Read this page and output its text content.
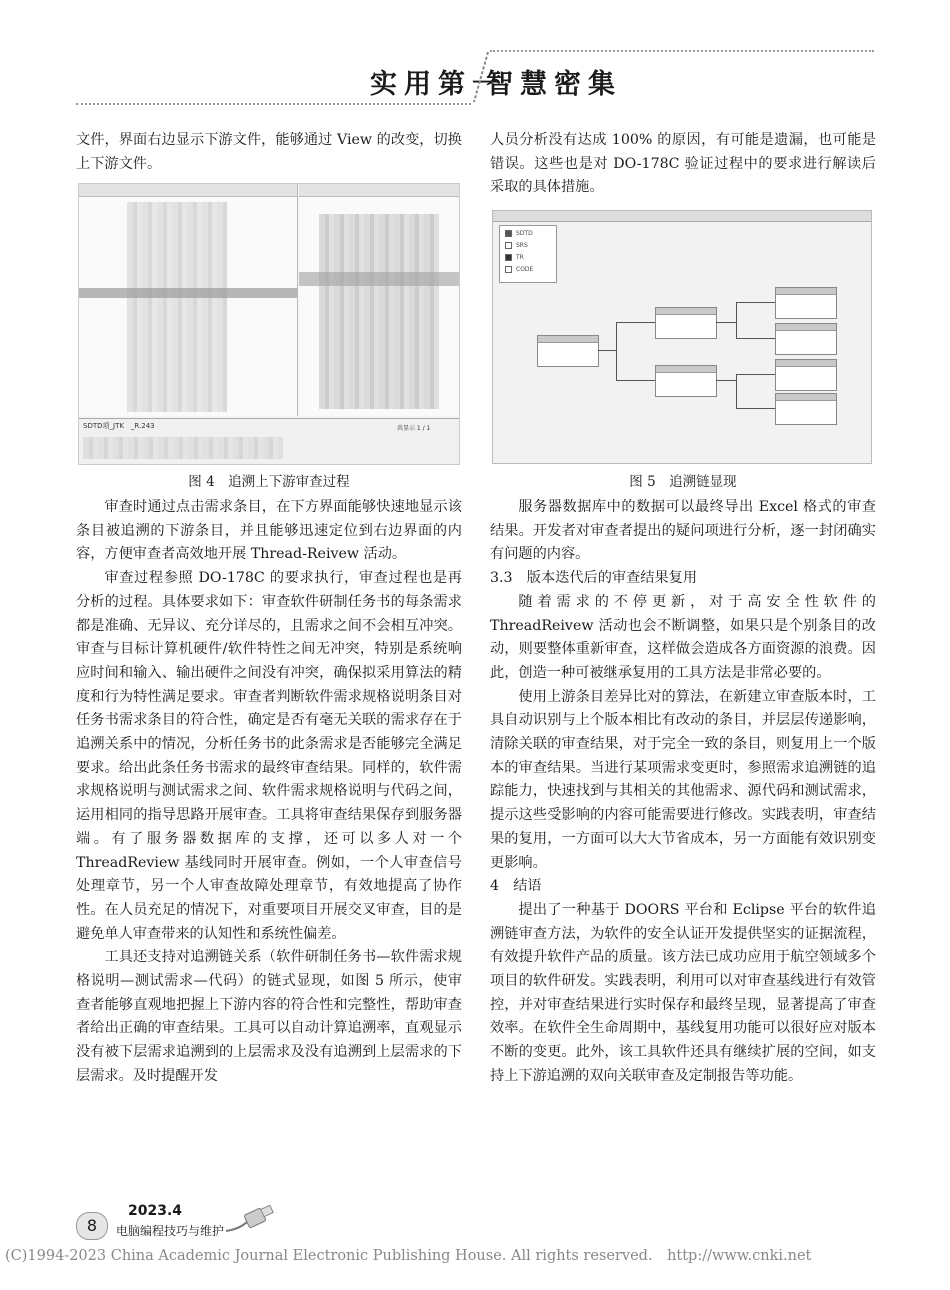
实用第一
智慧密集

文件，界面右边显示下游文件，能够通过 View 的改变，切换上下游文件。

SDTD项_JTK　_R.243	共显示 1 / 1
图 4　追溯上下游审查过程

审查时通过点击需求条目，在下方界面能够快速地显示该条目被追溯的下游条目，并且能够迅速定位到右边界面的内容，方便审查者高效地开展 Thread-Reivew 活动。

审查过程参照 DO-178C 的要求执行，审查过程也是再分析的过程。具体要求如下：审查软件研制任务书的每条需求都是准确、无异议、充分详尽的，且需求之间不会相互冲突。审查与目标计算机硬件/软件特性之间无冲突，特别是系统响应时间和输入、输出硬件之间没有冲突，确保拟采用算法的精度和行为特性满足要求。审查者判断软件需求规格说明条目对任务书需求条目的符合性，确定是否有毫无关联的需求存在于追溯关系中的情况，分析任务书的此条需求是否能够完全满足要求。给出此条任务书需求的最终审查结果。同样的，软件需求规格说明与测试需求之间、软件需求规格说明与代码之间，运用相同的指导思路开展审查。工具将审查结果保存到服务器端。有了服务器数据库的支撑，还可以多人对一个 ThreadReview 基线同时开展审查。例如，一个人审查信号处理章节，另一个人审查故障处理章节，有效地提高了协作性。在人员充足的情况下，对重要项目开展交叉审查，目的是避免单人审查带来的认知性和系统性偏差。

工具还支持对追溯链关系（软件研制任务书—软件需求规格说明—测试需求—代码）的链式显现，如图 5 所示，使审查者能够直观地把握上下游内容的符合性和完整性，帮助审查者给出正确的审查结果。工具可以自动计算追溯率，直观显示没有被下层需求追溯到的上层需求及没有追溯到上层需求的下层需求。及时提醒开发

人员分析没有达成 100% 的原因，有可能是遗漏，也可能是错误。这些也是对 DO-178C 验证过程中的要求进行解读后采取的具体措施。

SDTD
SRS
TR
CODE
图 5　追溯链显现

服务器数据库中的数据可以最终导出 Excel 格式的审查结果。开发者对审查者提出的疑问项进行分析，逐一封闭确实有问题的内容。

3.3　版本迭代后的审查结果复用

随着需求的不停更新，对于高安全性软件的 ThreadReivew 活动也会不断调整，如果只是个别条目的改动，则要整体重新审查，这样做会造成各方面资源的浪费。因此，创造一种可被继承复用的工具方法是非常必要的。

使用上游条目差异比对的算法，在新建立审查版本时，工具自动识别与上个版本相比有改动的条目，并层层传递影响，清除关联的审查结果，对于完全一致的条目，则复用上一个版本的审查结果。当进行某项需求变更时，参照需求追溯链的追踪能力，快速找到与其相关的其他需求、源代码和测试需求，提示这些受影响的内容可能需要进行修改。实践表明，审查结果的复用，一方面可以大大节省成本，另一方面能有效识别变更影响。

4　结语

提出了一种基于 DOORS 平台和 Eclipse 平台的软件追溯链审查方法，为软件的安全认证开发提供坚实的证据流程，有效提升软件产品的质量。该方法已成功应用于航空领域多个项目的软件研发。实践表明，利用可以对审查基线进行有效管控，并对审查结果进行实时保存和最终呈现，显著提高了审查效率。在软件全生命周期中，基线复用功能可以很好应对版本不断的变更。此外，该工具软件还具有继续扩展的空间，如支持上下游追溯的双向关联审查及定制报告等功能。

8
2023.4
电脑编程技巧与维护
(C)1994-2023 China Academic Journal Electronic Publishing House. All rights reserved.　http://www.cnki.net
